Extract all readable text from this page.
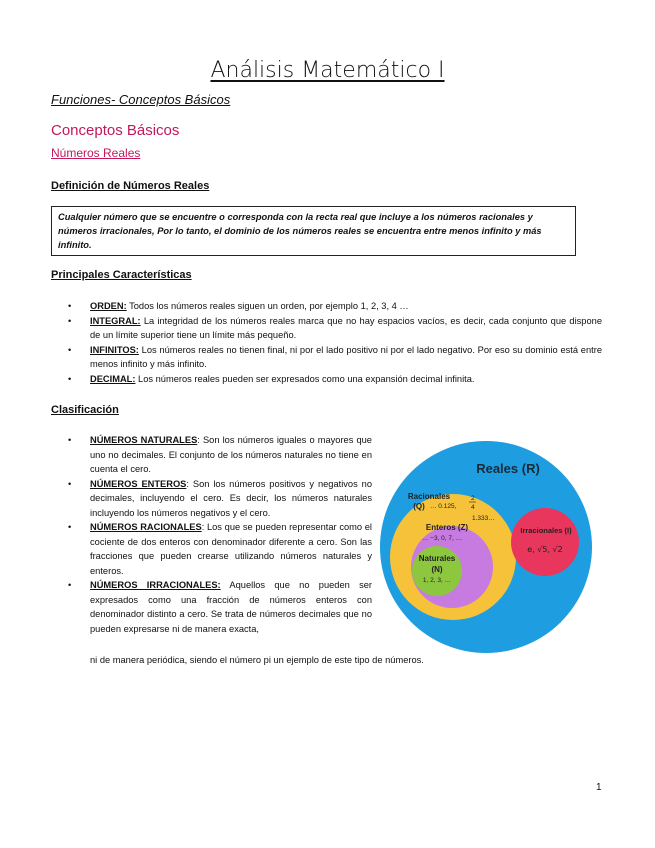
Análisis Matemático I
Funciones- Conceptos Básicos
Conceptos Básicos
Números Reales
Definición de Números Reales
Cualquier número que se encuentre o corresponda con la recta real que incluye a los números racionales y números irracionales, Por lo tanto, el dominio de los números reales se encuentra entre menos infinito y más infinito.
Principales Características
• ORDEN: Todos los números reales siguen un orden, por ejemplo 1, 2, 3, 4 …
• INTEGRAL: La integridad de los números reales marca que no hay espacios vacíos, es decir, cada conjunto que dispone de un límite superior tiene un límite más pequeño.
• INFINITOS: Los números reales no tienen final, ni por el lado positivo ni por el lado negativo. Por eso su dominio está entre menos infinito y más infinito.
• DECIMAL: Los números reales pueden ser expresados como una expansión decimal infinita.
Clasificación
• NÚMEROS NATURALES: Son los números iguales o mayores que uno no decimales. El conjunto de los números naturales no tiene en cuenta el cero.
• NÚMEROS ENTEROS: Son los números positivos y negativos no decimales, incluyendo el cero. Es decir, los números naturales incluyendo los números negativos y el cero.
• NÚMEROS RACIONALES: Los que se pueden representar como el cociente de dos enteros con denominador diferente a cero. Son las fracciones que pueden crearse utilizando números naturales y enteros.
• NÚMEROS IRRACIONALES: Aquellos que no pueden ser expresados como una fracción de números enteros con denominador distinto a cero. Se trata de números decimales que no pueden expresarse ni de manera exacta,
ni de manera periódica, siendo el número pi un ejemplo de este tipo de números.
Reales (R)
Racionales
(Q) … 0.125,
2
4
1.333…
Enteros (Z)
… −3, 0, 7, …
Naturales
(N)
1, 2, 3, …
Irracionales (I)
e, √5, √2
1
